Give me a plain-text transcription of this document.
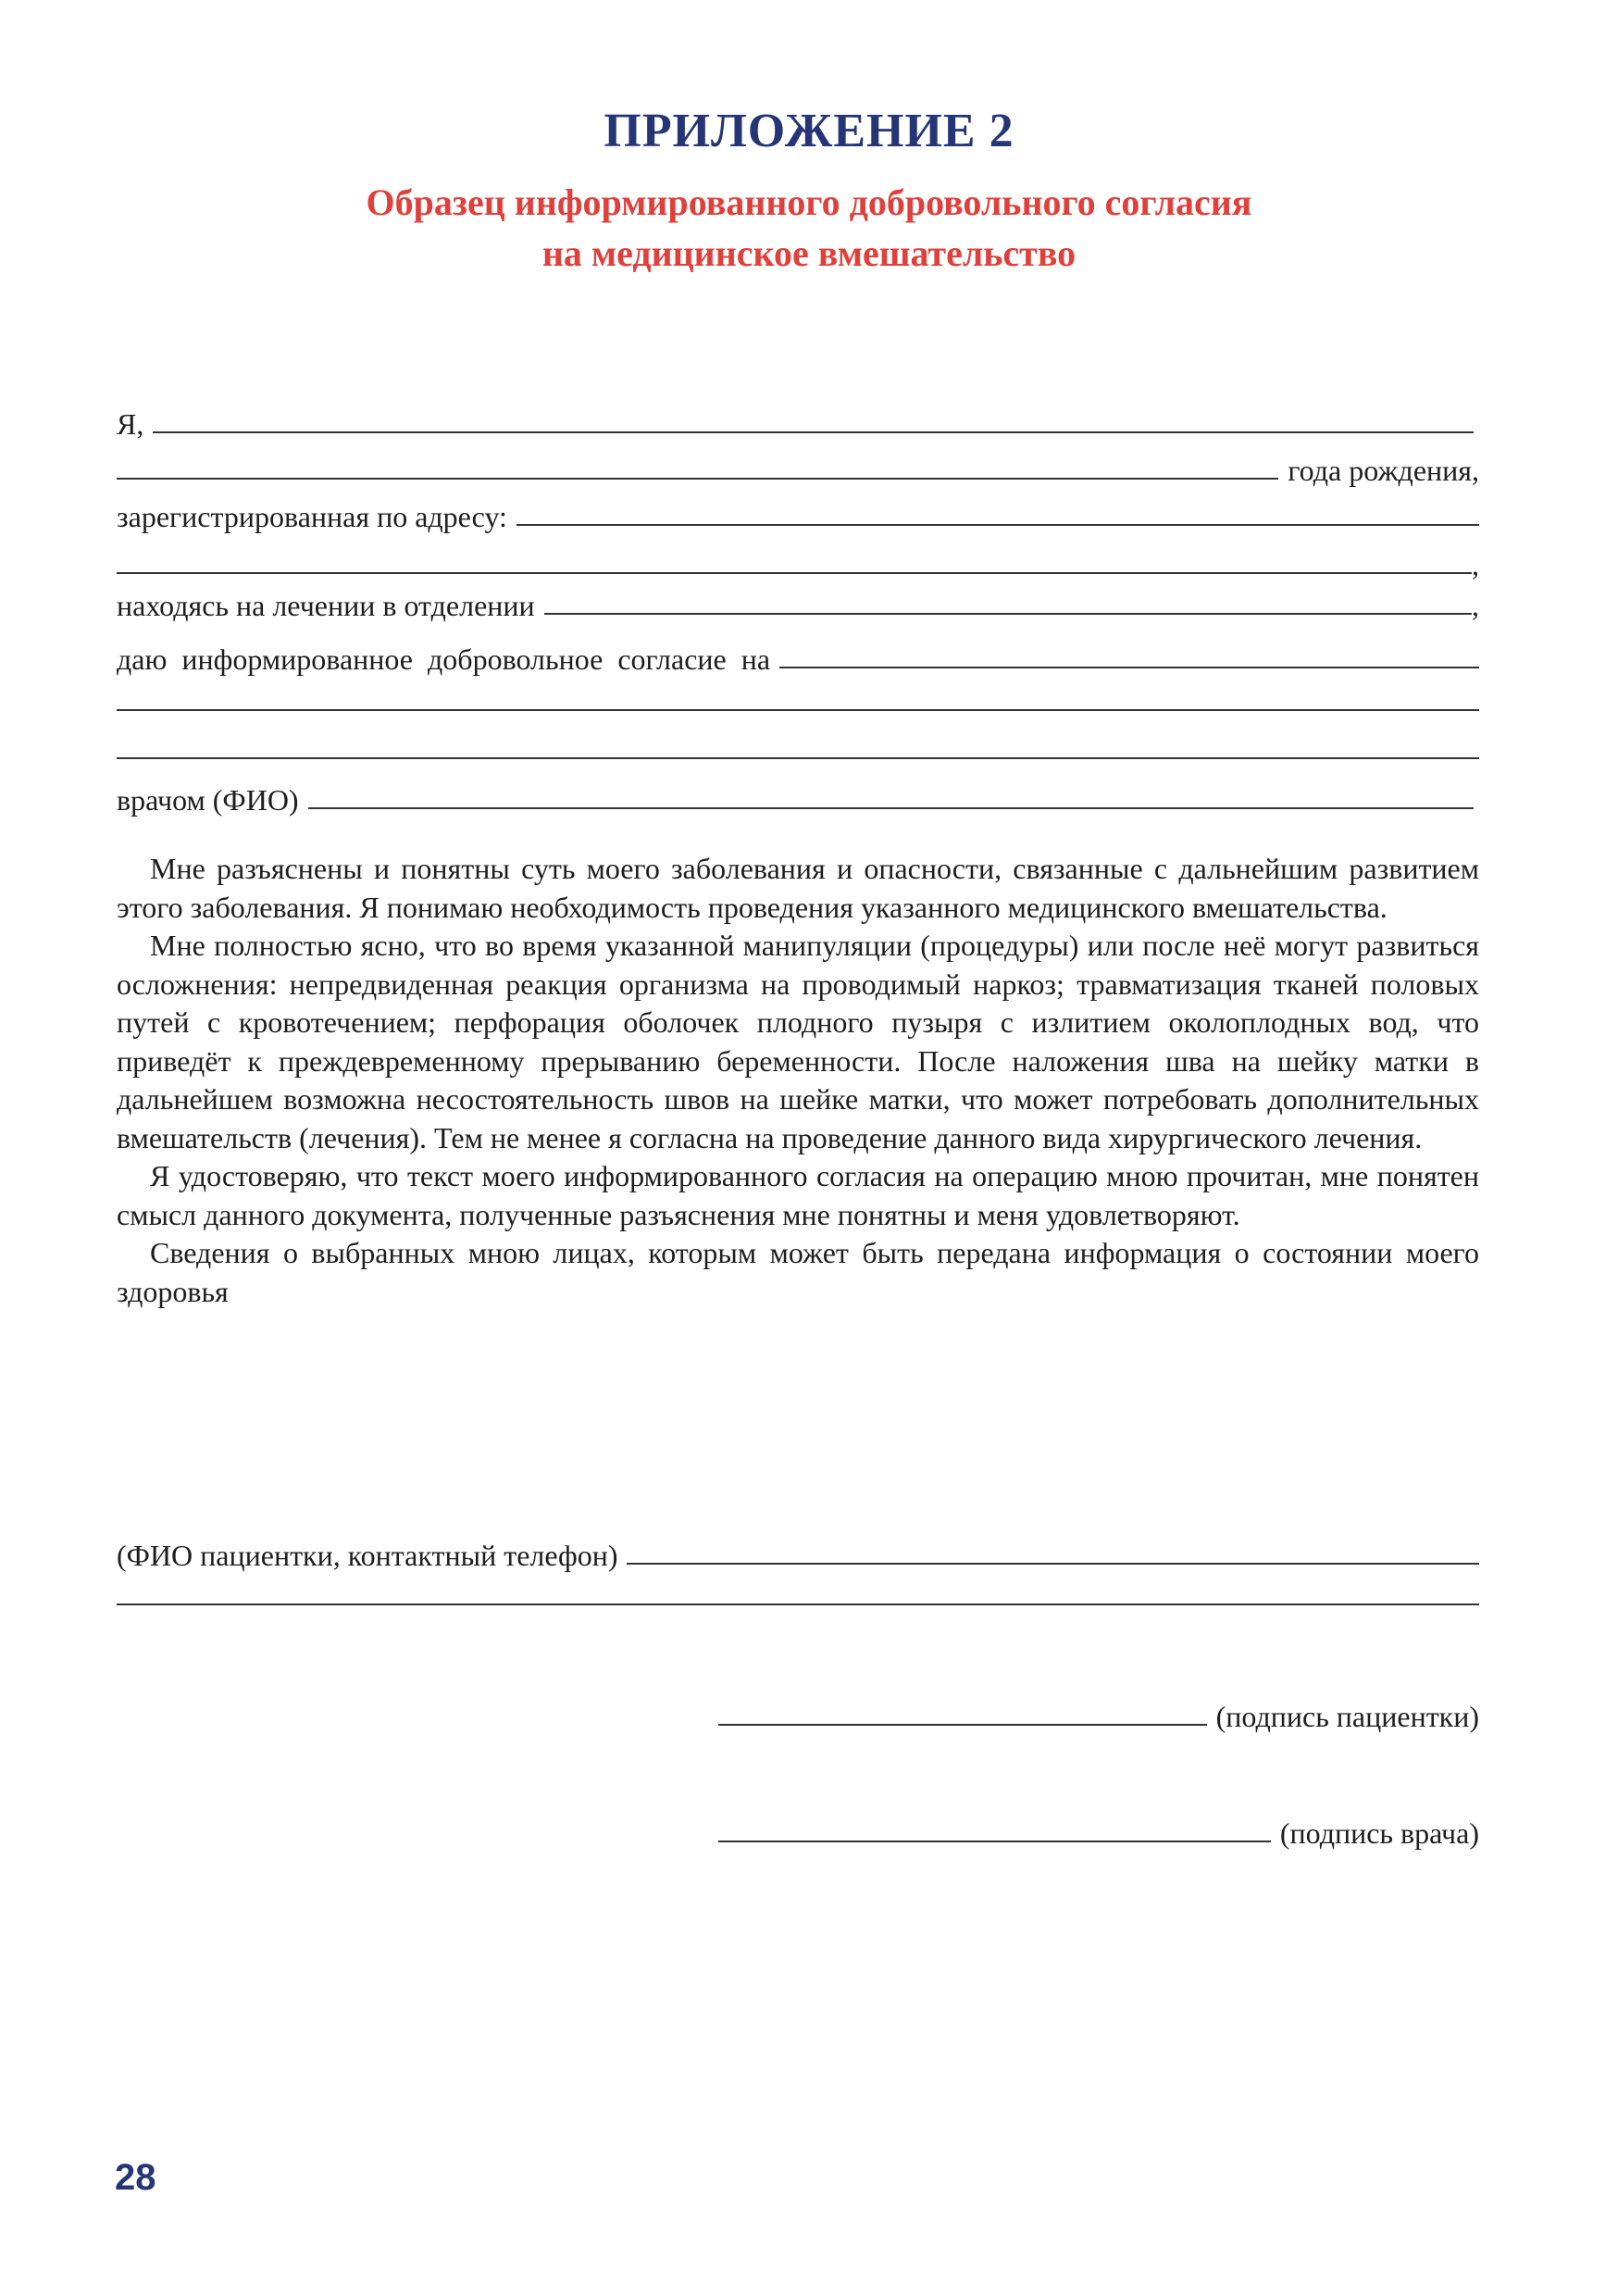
ПРИЛОЖЕНИЕ 2
Образец информированного добровольного согласия
на медицинское вмешательство
Я,
года рождения,
зарегистрированная по адресу:
,
находясь на лечении в отделении	,
даю информированное добровольное согласие на
врачом (ФИО)

Мне разъяснены и понятны суть моего заболевания и опасности, связанные с дальнейшим развитием этого заболевания. Я понимаю необходимость проведения указанного медицинского вмешательства.

Мне полностью ясно, что во время указанной манипуляции (процедуры) или после неё могут развиться осложнения: непредвиденная реакция организма на проводимый наркоз; травматизация тканей половых путей с кровотечением; перфорация оболочек плодного пузыря с излитием околоплодных вод, что приведёт к преждевременному прерыванию беременности. После наложения шва на шейку матки в дальнейшем возможна несостоятельность швов на шейке матки, что может потребовать дополнительных вмешательств (лечения). Тем не менее я согласна на проведение данного вида хирургического лечения.

Я удостоверяю, что текст моего информированного согласия на операцию мною прочитан, мне понятен смысл данного документа, полученные разъяснения мне понятны и меня удовлетворяют.

Сведения о выбранных мною лицах, которым может быть передана информация о состоянии моего здоровья

(ФИО пациентки, контактный телефон)
(подпись пациентки)
(подпись врача)
28
